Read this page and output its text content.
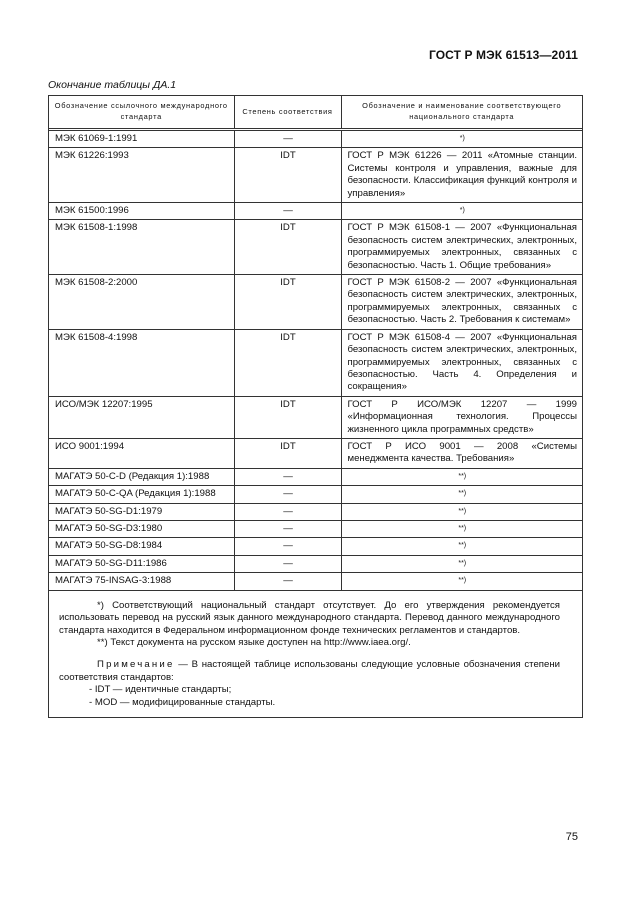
ГОСТ Р МЭК 61513—2011
Окончание таблицы ДА.1
Обозначение ссылочного международного стандарта	Степень соответствия	Обозначение и наименование соответствующего национального стандарта
МЭК 61069-1:1991	—	*)
МЭК 61226:1993	IDT	ГОСТ Р МЭК 61226 — 2011 «Атомные станции. Системы контроля и управления, важные для безопасности. Классификация функций контроля и управления»
МЭК 61500:1996	—	*)
МЭК 61508-1:1998	IDT	ГОСТ Р МЭК 61508-1 — 2007 «Функциональная безопасность систем электрических, электронных, программируемых электронных, связанных с безопасностью. Часть 1. Общие требования»
МЭК 61508-2:2000	IDT	ГОСТ Р МЭК 61508-2 — 2007 «Функциональная безопасность систем электрических, электронных, программируемых электронных, связанных с безопасностью. Часть 2. Требования к системам»
МЭК 61508-4:1998	IDT	ГОСТ Р МЭК 61508-4 — 2007 «Функциональная безопасность систем электрических, электронных, программируемых электронных, связанных с безопасностью. Часть 4. Определения и сокращения»
ИСО/МЭК 12207:1995	IDT	ГОСТ Р ИСО/МЭК 12207 — 1999 «Информационная технология. Процессы жизненного цикла программных средств»
ИСО 9001:1994	IDT	ГОСТ Р ИСО 9001 — 2008 «Системы менеджмента качества. Требования»
МАГАТЭ 50-C-D (Редакция 1):1988	—	**)
МАГАТЭ 50-C-QA (Редакция 1):1988	—	**)
МАГАТЭ 50-SG-D1:1979	—	**)
МАГАТЭ 50-SG-D3:1980	—	**)
МАГАТЭ 50-SG-D8:1984	—	**)
МАГАТЭ 50-SG-D11:1986	—	**)
МАГАТЭ 75-INSAG-3:1988	—	**)

*) Соответствующий национальный стандарт отсутствует. До его утверждения рекомендуется использовать перевод на русский язык данного международного стандарта. Перевод данного международного стандарта находится в Федеральном информационном фонде технических регламентов и стандартов.

**) Текст документа на русском языке доступен на http://www.iaea.org/.

Примечание — В настоящей таблице использованы следующие условные обозначения степени соответствия стандартов:

- IDT — идентичные стандарты;

- MOD — модифицированные стандарты.

75
